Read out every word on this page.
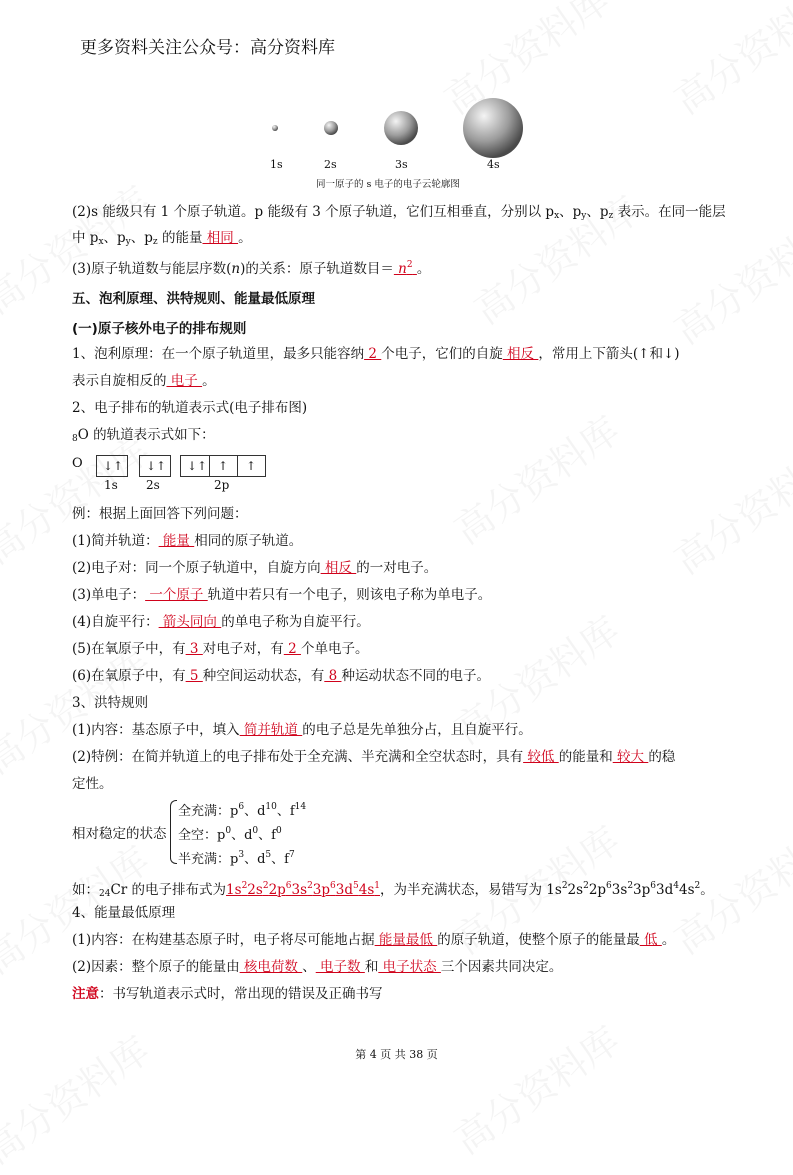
更多资料关注公众号：高分资料库
1s	2s	3s	4s
同一原子的 s 电子的电子云轮廓图
(2)s 能级只有 1 个原子轨道。p 能级有 3 个原子轨道，它们互相垂直，分别以 $p_x$、$p_y$、$p_z$ 表示。在同一能层
中 $p_x$、$p_y$、$p_z$ 的能量 相同 。
(3)原子轨道数与能层序数(n)的关系：原子轨道数目＝ $n^2$ 。
五、泡利原理、洪特规则、能量最低原理
(一)原子核外电子的排布规则
1、泡利原理：在一个原子轨道里，最多只能容纳 2 个电子，它们的自旋 相反 ，常用上下箭头(↑和↓)
表示自旋相反的 电子 。
2、电子排布的轨道表示式(电子排布图)
$_8$O 的轨道表示式如下：
O ↓↑ ↓↑ ↓↑ ↑	↑
1s 2s	2p
例：根据上面回答下列问题：
(1)简并轨道： 能量 相同的原子轨道。
(2)电子对：同一个原子轨道中，自旋方向 相反 的一对电子。
(3)单电子： 一个原子 轨道中若只有一个电子，则该电子称为单电子。
(4)自旋平行： 箭头同向 的单电子称为自旋平行。
(5)在氧原子中，有 3 对电子对，有 2 个单电子。
(6)在氧原子中，有 5 种空间运动状态，有 8 种运动状态不同的电子。
3、洪特规则
(1)内容：基态原子中，填入 简并轨道 的电子总是先单独分占，且自旋平行。
(2)特例：在简并轨道上的电子排布处于全充满、半充满和全空状态时，具有 较低 的能量和 较大 的稳
定性。
相对稳定的状态
全充满：$p^6$、$d^{10}$、$f^{14}$
全空：$p^0$、$d^0$、$f^0$
半充满：$p^3$、$d^5$、$f^7$
如：$_{24}$Cr 的电子排布式为$1s^22s^22p^63s^23p^63d^54s^1$，为半充满状态，易错写为 $1s^22s^22p^63s^23p^63d^44s^2$。
4、能量最低原理
(1)内容：在构建基态原子时，电子将尽可能地占据 能量最低 的原子轨道，使整个原子的能量最 低 。
(2)因素：整个原子的能量由 核电荷数 、 电子数 和 电子状态 三个因素共同决定。
注意：书写轨道表示式时，常出现的错误及正确书写
第 4 页 共 38 页
